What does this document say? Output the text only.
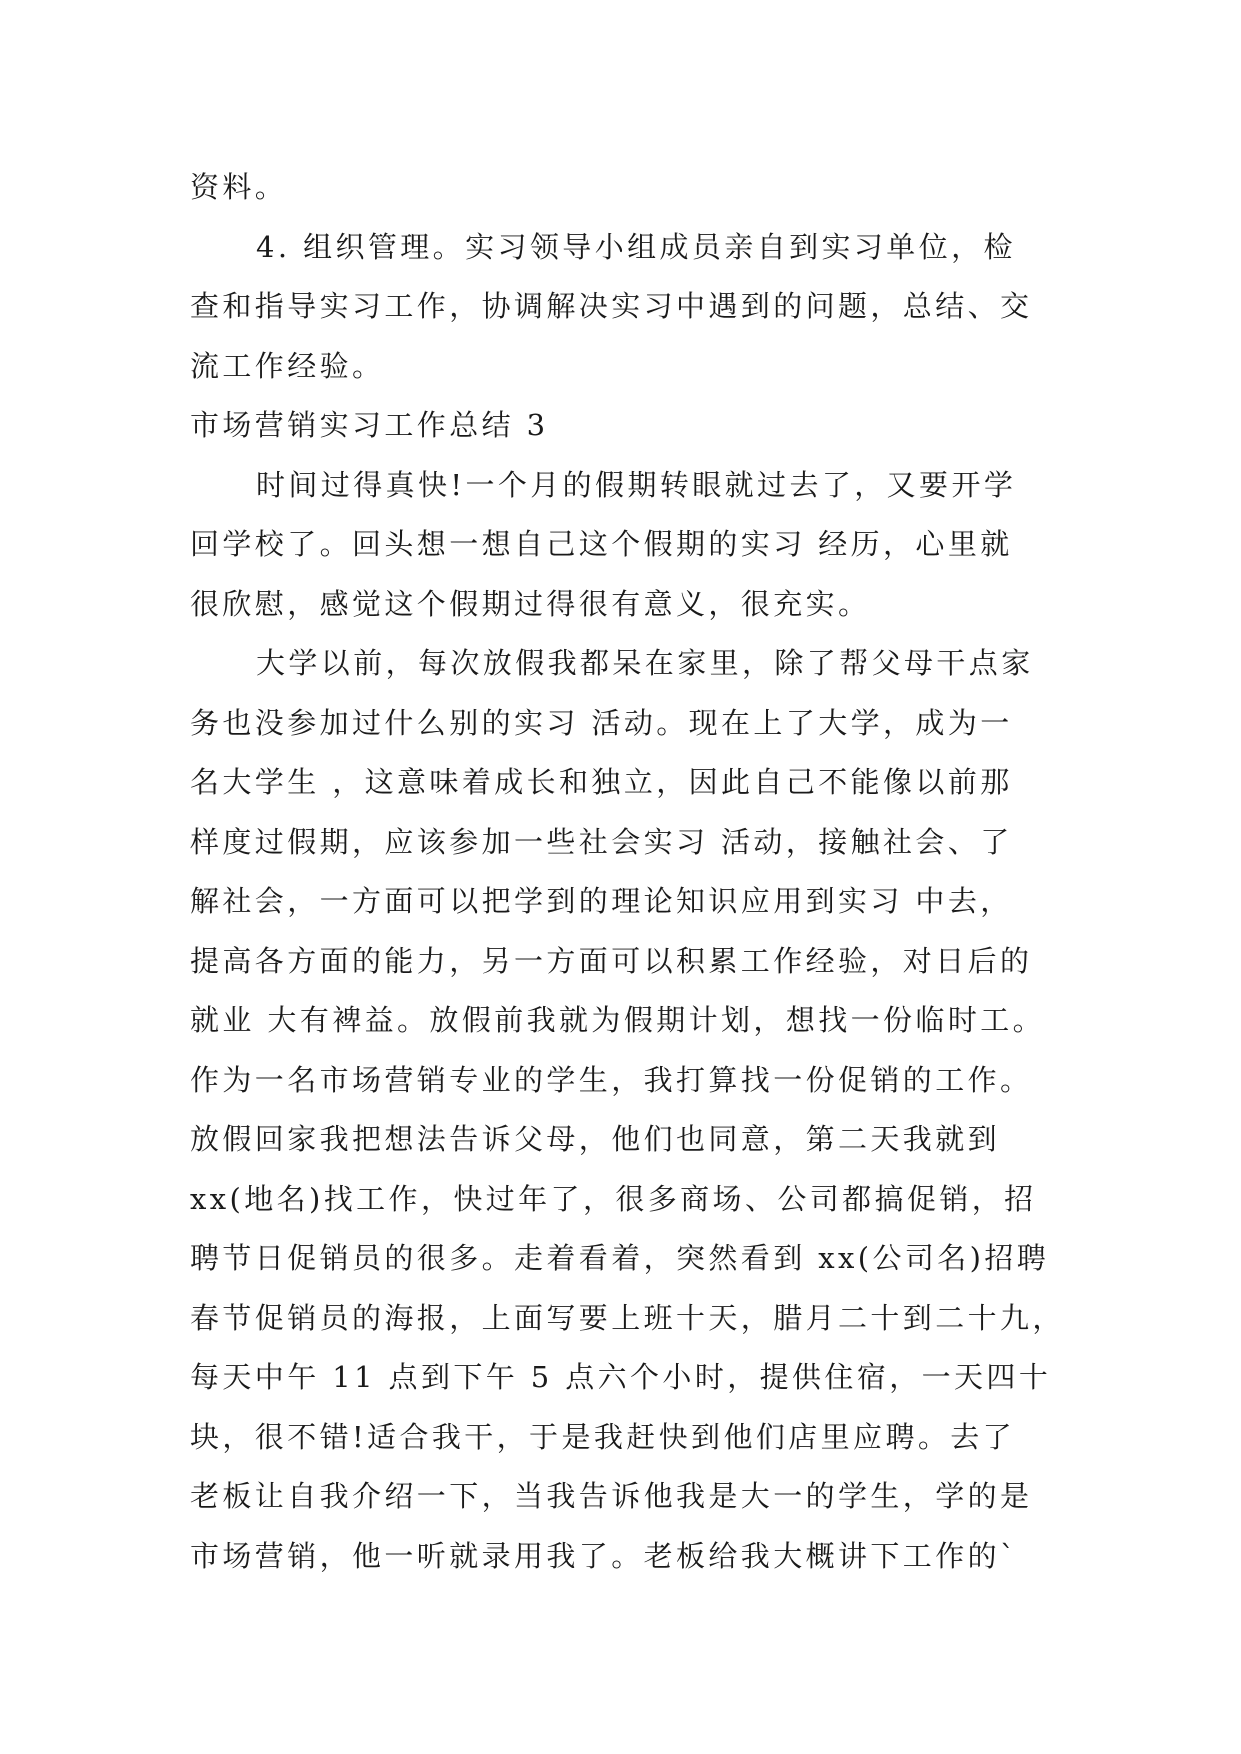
资料。
4. 组织管理。实习领导小组成员亲自到实习单位，检
查和指导实习工作，协调解决实习中遇到的问题，总结、交
流工作经验。
市场营销实习工作总结 3
时间过得真快!一个月的假期转眼就过去了，又要开学
回学校了。回头想一想自己这个假期的实习 经历，心里就
很欣慰，感觉这个假期过得很有意义，很充实。
大学以前，每次放假我都呆在家里，除了帮父母干点家
务也没参加过什么别的实习 活动。现在上了大学，成为一
名大学生 ，这意味着成长和独立，因此自己不能像以前那
样度过假期，应该参加一些社会实习 活动，接触社会、了
解社会，一方面可以把学到的理论知识应用到实习 中去，
提高各方面的能力，另一方面可以积累工作经验，对日后的
就业 大有裨益。放假前我就为假期计划，想找一份临时工。
作为一名市场营销专业的学生，我打算找一份促销的工作。
放假回家我把想法告诉父母，他们也同意，第二天我就到
xx(地名)找工作，快过年了，很多商场、公司都搞促销，招
聘节日促销员的很多。走着看着，突然看到 xx(公司名)招聘
春节促销员的海报，上面写要上班十天，腊月二十到二十九，
每天中午 11 点到下午 5 点六个小时，提供住宿，一天四十
块，很不错!适合我干，于是我赶快到他们店里应聘。去了
老板让自我介绍一下，当我告诉他我是大一的学生，学的是
市场营销，他一听就录用我了。老板给我大概讲下工作的`
